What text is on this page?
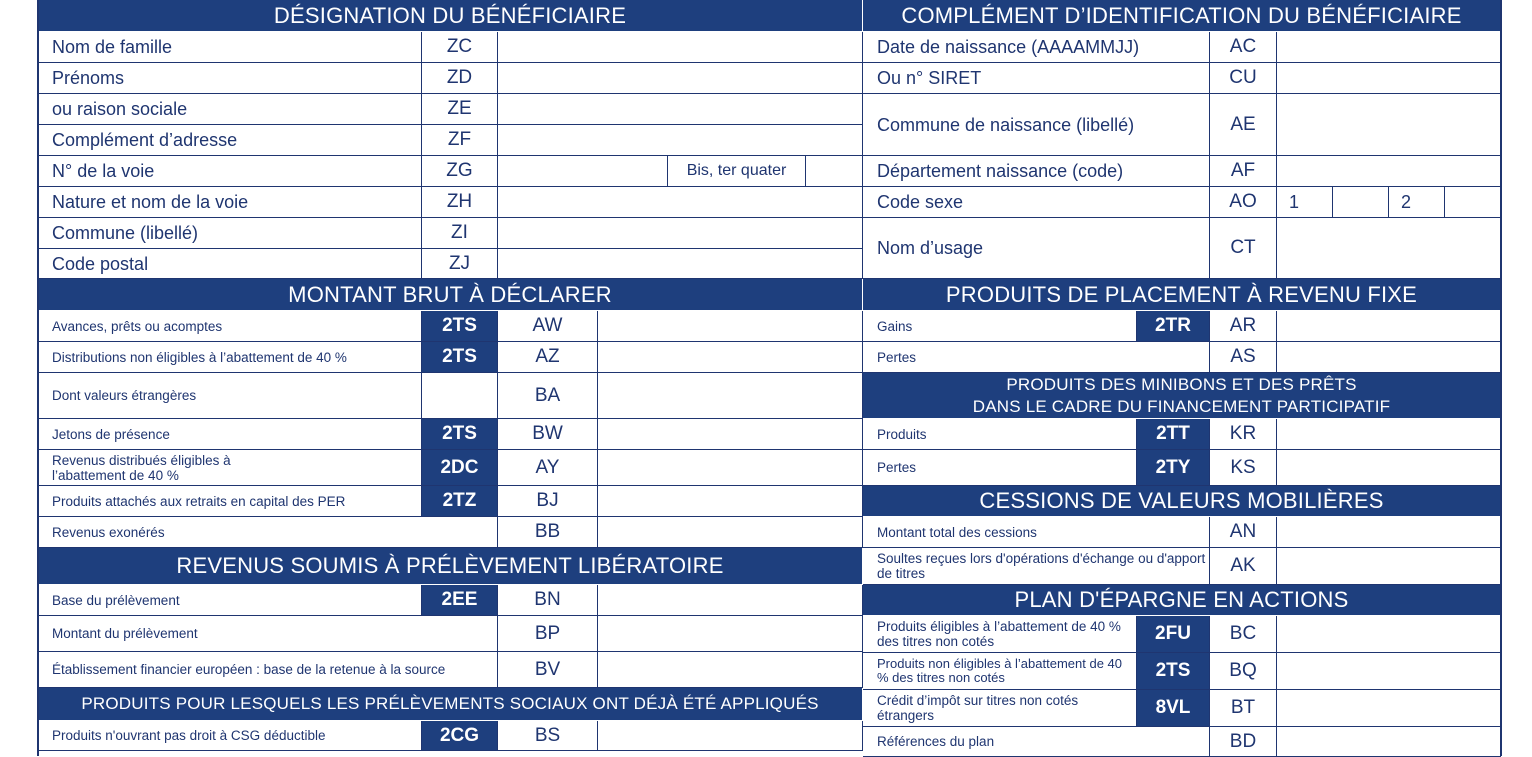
DÉSIGNATION DU BÉNÉFICIAIRE
Nom de famille	ZC
Prénoms	ZD
ou raison sociale	ZE
Complément d’adresse	ZF
N° de la voie	ZG	Bis, ter quater
Nature et nom de la voie	ZH
Commune (libellé)	ZI
Code postal	ZJ
MONTANT BRUT À DÉCLARER
Avances, prêts ou acomptes	2TS	AW
Distributions non éligibles à l’abattement de 40 %	2TS	AZ
Dont valeurs étrangères	BA
Jetons de présence	2TS	BW
Revenus distribués éligibles à l’abattement de 40 %	2DC	AY
Produits attachés aux retraits en capital des PER	2TZ	BJ
Revenus exonérés	BB
REVENUS SOUMIS À PRÉLÈVEMENT LIBÉRATOIRE
Base du prélèvement	2EE	BN
Montant du prélèvement	BP
Établissement financier européen : base de la retenue à la source	BV
PRODUITS POUR LESQUELS LES PRÉLÈVEMENTS SOCIAUX ONT DÉJÀ ÉTÉ APPLIQUÉS
Produits n'ouvrant pas droit à CSG déductible	2CG	BS
COMPLÉMENT D’IDENTIFICATION DU BÉNÉFICIAIRE
Date de naissance (AAAAMMJJ)	AC
Ou n° SIRET	CU
Commune de naissance (libellé)	AE
Département naissance (code)	AF
Code sexe	AO	1	2
Nom d’usage	CT
PRODUITS DE PLACEMENT À REVENU FIXE
Gains	2TR	AR
Pertes	AS
PRODUITS DES MINIBONS ET DES PRÊTS
DANS LE CADRE DU FINANCEMENT PARTICIPATIF
Produits	2TT	KR
Pertes	2TY	KS
CESSIONS DE VALEURS MOBILIÈRES
Montant total des cessions	AN
Soultes reçues lors d'opérations d'échange ou d'apport de titres	AK
PLAN D'ÉPARGNE EN ACTIONS
Produits éligibles à l’abattement de 40 % des titres non cotés	2FU	BC
Produits non éligibles à l’abattement de 40 % des titres non cotés	2TS	BQ
Crédit d’impôt sur titres non cotés étrangers	8VL	BT
Références du plan	BD
